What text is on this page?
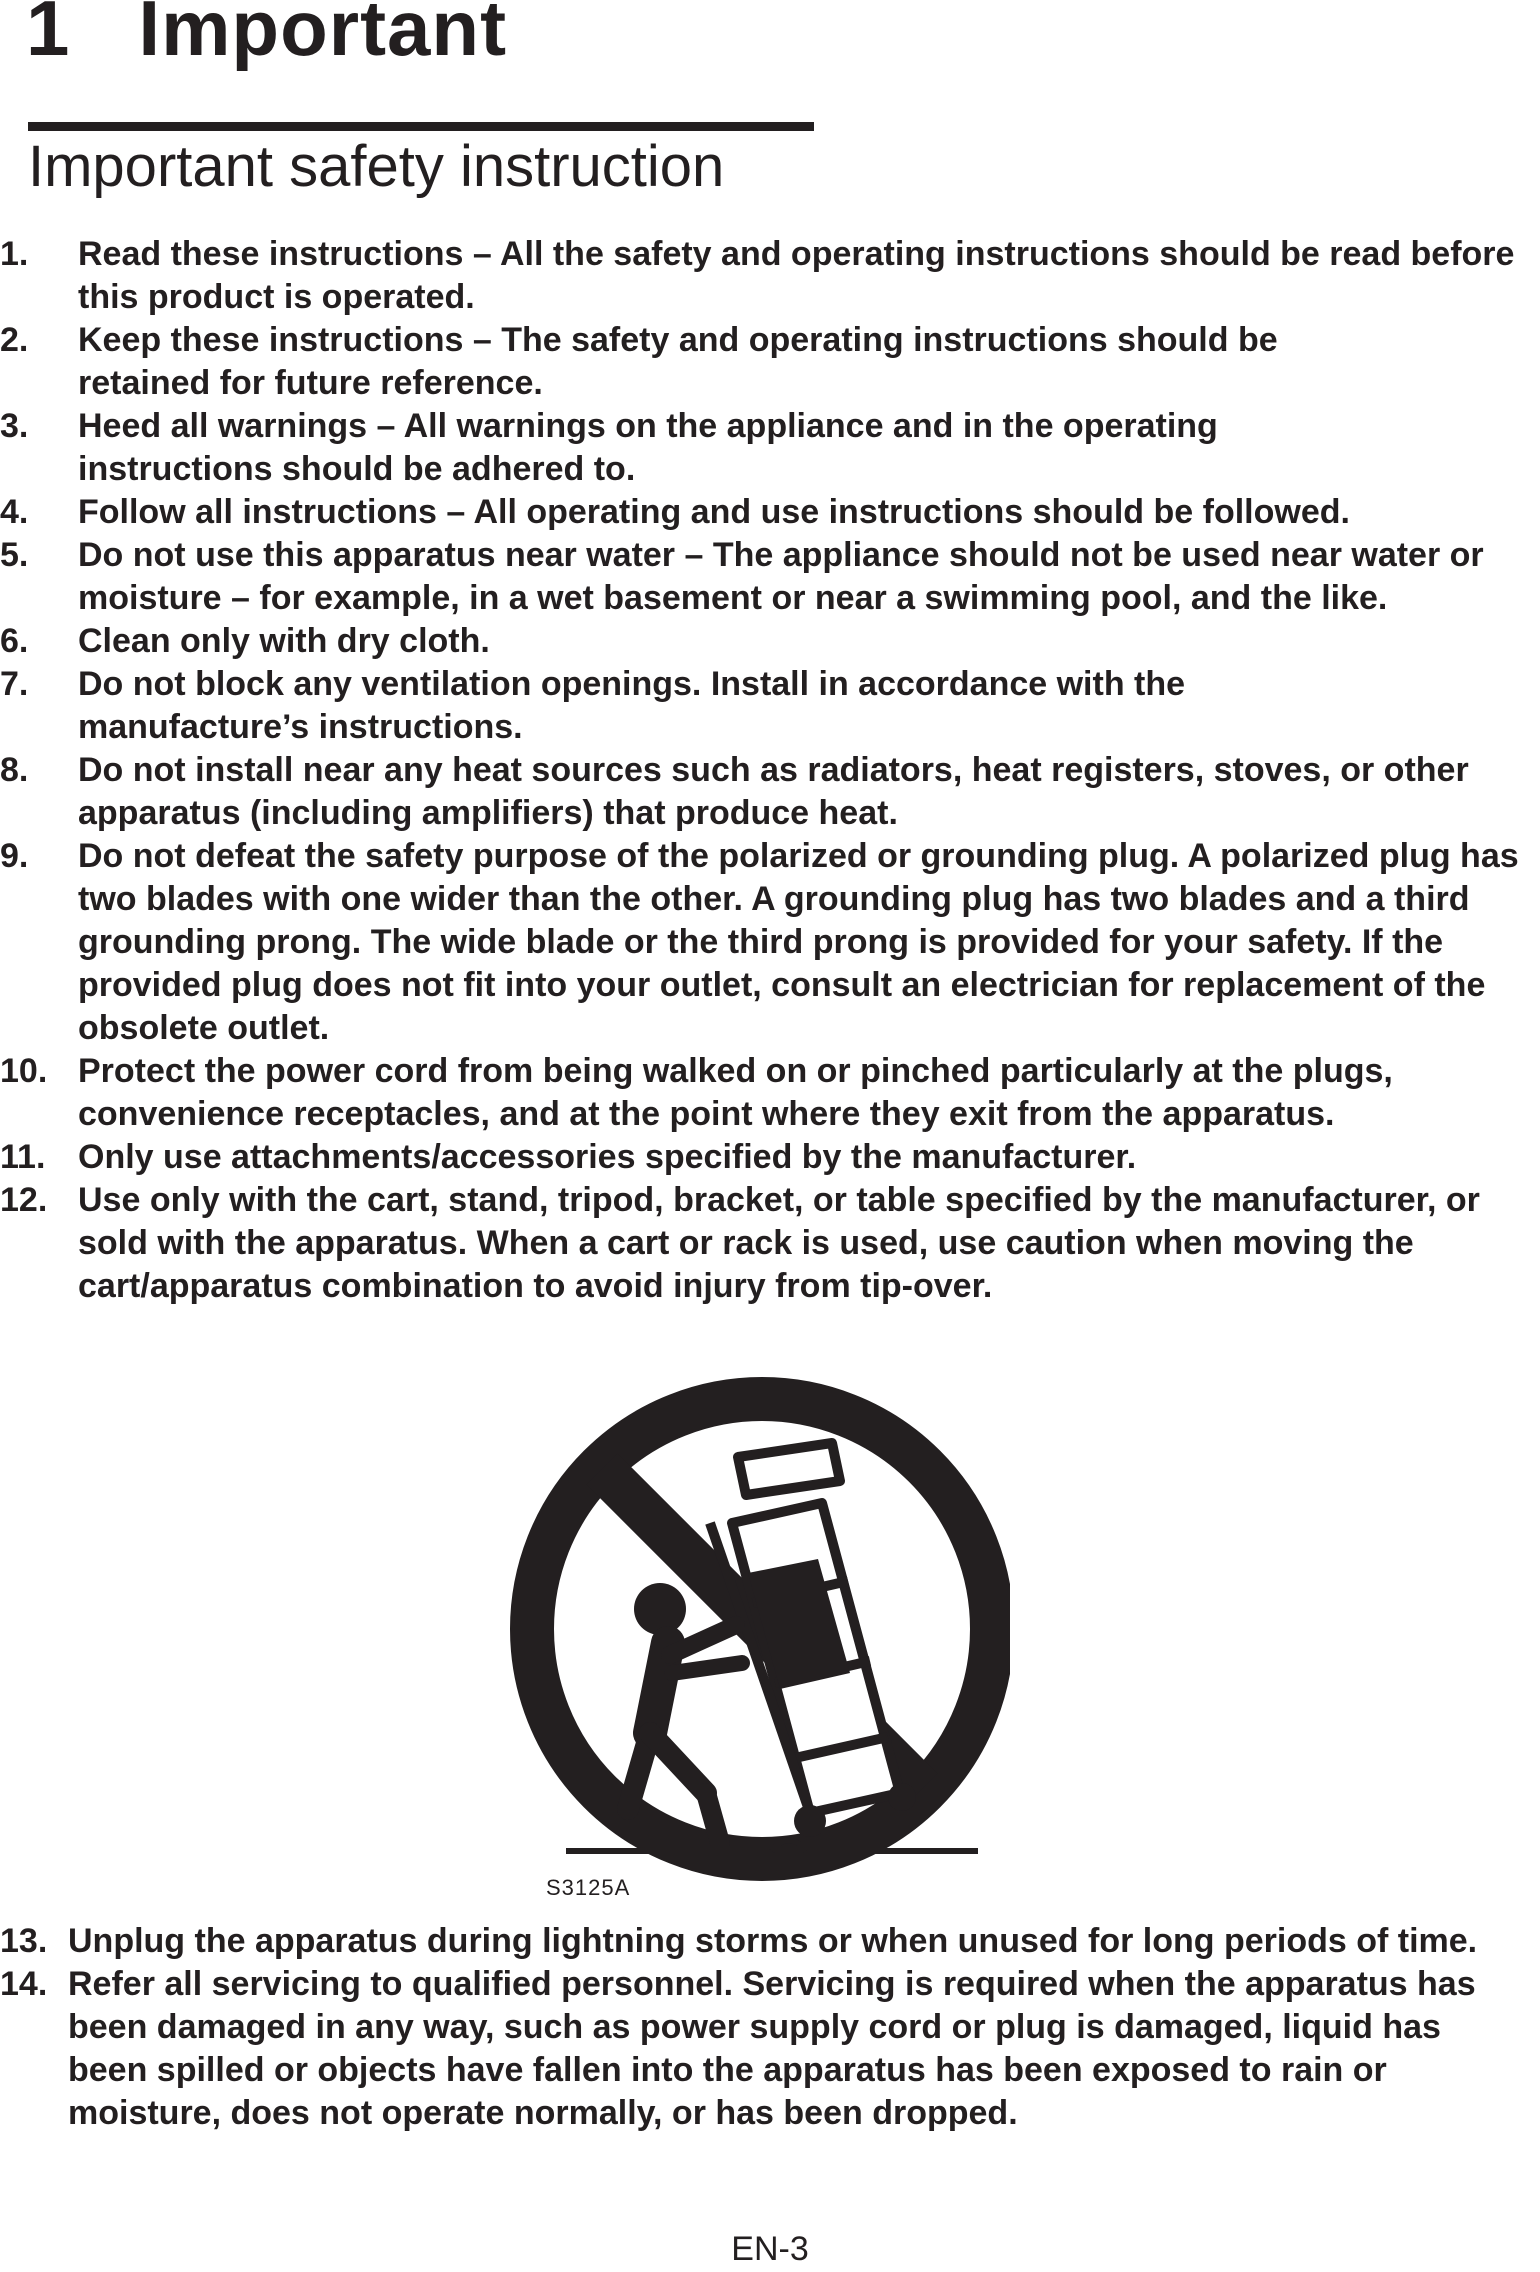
1   Important
Important safety instruction
1.	Read these instructions – All the safety and operating instructions should be read before this product is operated.
2.	Keep these instructions – The safety and operating instructions should be retained for future reference.
3.	Heed all warnings – All warnings on the appliance and in the operating instructions should be adhered to.
4.	Follow all instructions – All operating and use instructions should be followed.
5.	Do not use this apparatus near water – The appliance should not be used near water or moisture – for example, in a wet basement or near a swimming pool, and the like.
6.	Clean only with dry cloth.
7.	Do not block any ventilation openings. Install in accordance with the manufacture’s instructions.
8.	Do not install near any heat sources such as radiators, heat registers, stoves, or other apparatus (including amplifiers) that produce heat.
9.	Do not defeat the safety purpose of the polarized or grounding plug. A polarized plug has two blades with one wider than the other. A grounding plug has two blades and a third grounding prong. The wide blade or the third prong is provided for your safety. If the provided plug does not fit into your outlet, consult an electrician for replacement of the obsolete outlet.
10. Protect the power cord from being walked on or pinched particularly at the plugs, convenience receptacles, and at the point where they exit from the apparatus.
11. Only use attachments/accessories specified by the manufacturer.
12. Use only with the cart, stand, tripod, bracket, or table specified by the manufacturer, or sold with the apparatus. When a cart or rack is used, use caution when moving the cart/apparatus combination to avoid injury from tip-over.
S3125A
13. Unplug the apparatus during lightning storms or when unused for long periods of time.
14. Refer all servicing to qualified personnel. Servicing is required when the apparatus has been damaged in any way, such as power supply cord or plug is damaged, liquid has been spilled or objects have fallen into the apparatus has been exposed to rain or moisture, does not operate normally, or has been dropped.
EN-3
